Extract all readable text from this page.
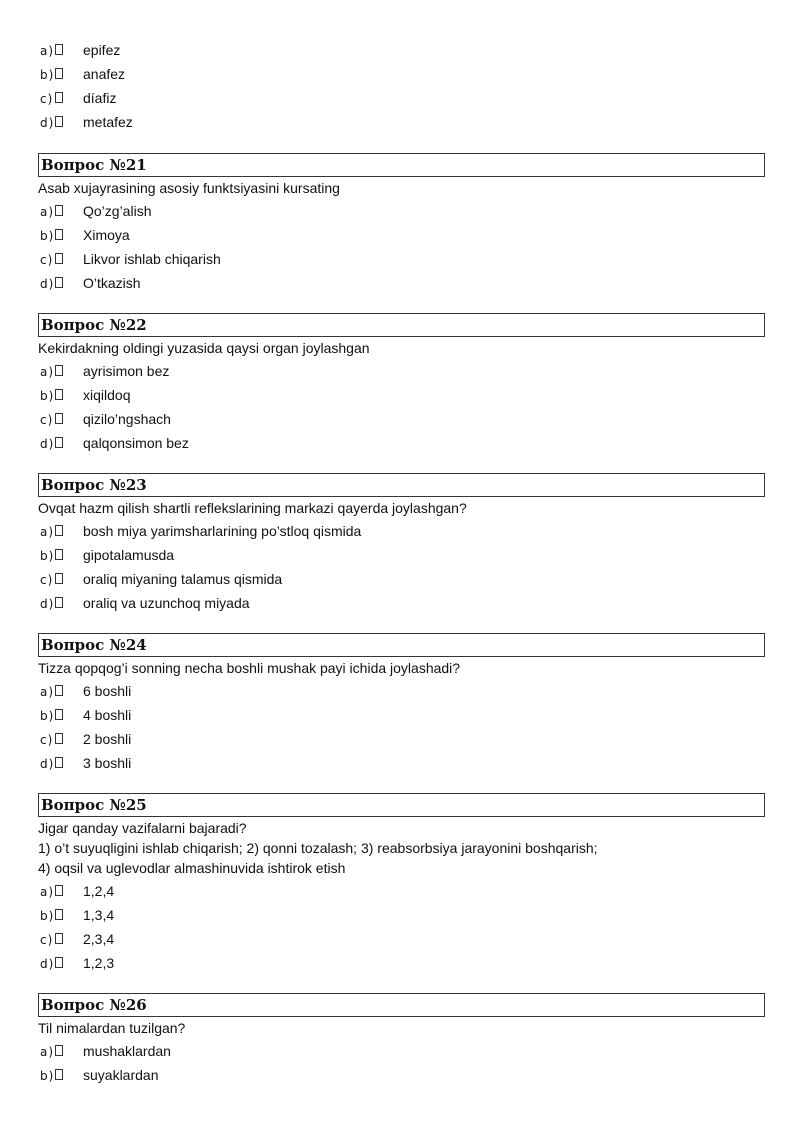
a) epifez
b) anafez
c) díafiz
d) metafez
Вопрос №21
Asab xujayrasining asosiy funktsiyasini kursating
a) Qo’zg’alish
b) Ximoya
c) Likvor ishlab chiqarish
d) O’tkazish
Вопрос №22
Kekirdakning oldingi yuzasida qaysi organ joylashgan
a) ayrisimon bez
b) xiqildoq
c) qizilo’ngshach
d) qalqonsimon bez
Вопрос №23
Ovqat hazm qilish shartli reflekslarining markazi qayerda joylashgan?
a) bosh miya yarimsharlarining po’stloq qismida
b) gipotalamusda
c) oraliq miyaning talamus qismida
d) oraliq va uzunchoq miyada
Вопрос №24
Tizza qopqog’i sonning necha boshli mushak payi ichida joylashadi?
a) 6 boshli
b) 4 boshli
c) 2 boshli
d) 3 boshli
Вопрос №25
Jigar qanday vazifalarni bajaradi?
1) o’t suyuqligini ishlab chiqarish; 2) qonni tozalash; 3) reabsorbsiya jarayonini boshqarish;
4) oqsil va uglevodlar almashinuvida ishtirok etish
a) 1,2,4
b) 1,3,4
c) 2,3,4
d) 1,2,3
Вопрос №26
Til nimalardan tuzilgan?
a) mushaklardan
b) suyaklardan
